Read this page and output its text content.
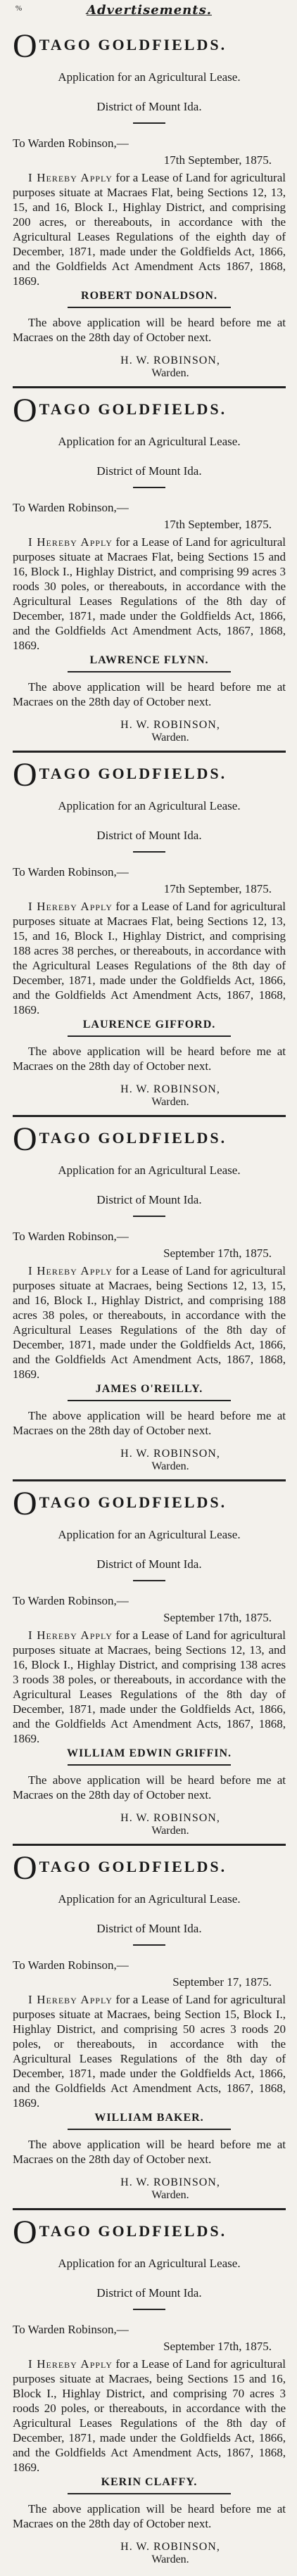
%	Advertisements.
OTAGO GOLDFIELDS.
Application for an Agricultural Lease.
District of Mount Ida.
To Warden Robinson,—
17th September, 1875.
I Hereby Apply for a Lease of Land for agricultural purposes situate at Macraes Flat, being Sections 12, 13, 15, and 16, Block I., Highlay District, and comprising 200 acres, or thereabouts, in accordance with the Agricultural Leases Regulations of the eighth day of December, 1871, made under the Goldfields Act, 1866, and the Goldfields Act Amendment Acts 1867, 1868, 1869.
ROBERT DONALDSON.
The above application will be heard before me at Macraes on the 28th day of October next.
H. W. ROBINSON,
Warden.
OTAGO GOLDFIELDS.
Application for an Agricultural Lease.
District of Mount Ida.
To Warden Robinson,—
17th September, 1875.
I Hereby Apply for a Lease of Land for agricultural purposes situate at Macraes Flat, being Sections 15 and 16, Block I., Highlay District, and comprising 99 acres 3 roods 30 poles, or thereabouts, in accordance with the Agricultural Leases Regulations of the 8th day of December, 1871, made under the Goldfields Act, 1866, and the Goldfields Act Amendment Acts, 1867, 1868, 1869.
LAWRENCE FLYNN.
The above application will be heard before me at Macraes on the 28th day of October next.
H. W. ROBINSON,
Warden.
OTAGO GOLDFIELDS.
Application for an Agricultural Lease.
District of Mount Ida.
To Warden Robinson,—
17th September, 1875.
I Hereby Apply for a Lease of Land for agricultural purposes situate at Macraes Flat, being Sections 12, 13, 15, and 16, Block I., Highlay District, and comprising 188 acres 38 perches, or thereabouts, in accordance with the Agricultural Leases Regulations of the 8th day of December, 1871, made under the Goldfields Act, 1866, and the Goldfields Act Amendment Acts, 1867, 1868, 1869.
LAURENCE GIFFORD.
The above application will be heard before me at Macraes on the 28th day of October next.
H. W. ROBINSON,
Warden.
OTAGO GOLDFIELDS.
Application for an Agricultural Lease.
District of Mount Ida.
To Warden Robinson,—
September 17th, 1875.
I Hereby Apply for a Lease of Land for agricultural purposes situate at Macraes, being Sections 12, 13, 15, and 16, Block I., Highlay District, and comprising 188 acres 38 poles, or thereabouts, in accordance with the Agricultural Leases Regulations of the 8th day of December, 1871, made under the Goldfields Act, 1866, and the Goldfields Act Amendment Acts, 1867, 1868, 1869.
JAMES O'REILLY.
The above application will be heard before me at Macraes on the 28th day of October next.
H. W. ROBINSON,
Warden.
OTAGO GOLDFIELDS.
Application for an Agricultural Lease.
District of Mount Ida.
To Warden Robinson,—
September 17th, 1875.
I Hereby Apply for a Lease of Land for agricultural purposes situate at Macraes, being Sections 12, 13, and 16, Block I., Highlay District, and comprising 138 acres 3 roods 38 poles, or thereabouts, in accordance with the Agricultural Leases Regulations of the 8th day of December, 1871, made under the Goldfields Act, 1866, and the Goldfields Act Amendment Acts, 1867, 1868, 1869.
WILLIAM EDWIN GRIFFIN.
The above application will be heard before me at Macraes on the 28th day of October next.
H. W. ROBINSON,
Warden.
OTAGO GOLDFIELDS.
Application for an Agricultural Lease.
District of Mount Ida.
To Warden Robinson,—
September 17, 1875.
I Hereby Apply for a Lease of Land for agricultural purposes situate at Macraes, being Section 15, Block I., Highlay District, and comprising 50 acres 3 roods 20 poles, or thereabouts, in accordance with the Agricultural Leases Regulations of the 8th day of December, 1871, made under the Goldfields Act, 1866, and the Goldfields Act Amendment Acts, 1867, 1868, 1869.
WILLIAM BAKER.
The above application will be heard before me at Macraes on the 28th day of October next.
H. W. ROBINSON,
Warden.
OTAGO GOLDFIELDS.
Application for an Agricultural Lease.
District of Mount Ida.
To Warden Robinson,—
September 17th, 1875.
I Hereby Apply for a Lease of Land for agricultural purposes situate at Macraes, being Sections 15 and 16, Block I., Highlay District, and comprising 70 acres 3 roods 20 poles, or thereabouts, in accordance with the Agricultural Leases Regulations of the 8th day of December, 1871, made under the Goldfields Act, 1866, and the Goldfields Act Amendment Acts, 1867, 1868, 1869.
KERIN CLAFFY.
The above application will be heard before me at Macraes on the 28th day of October next.
H. W. ROBINSON,
Warden.
